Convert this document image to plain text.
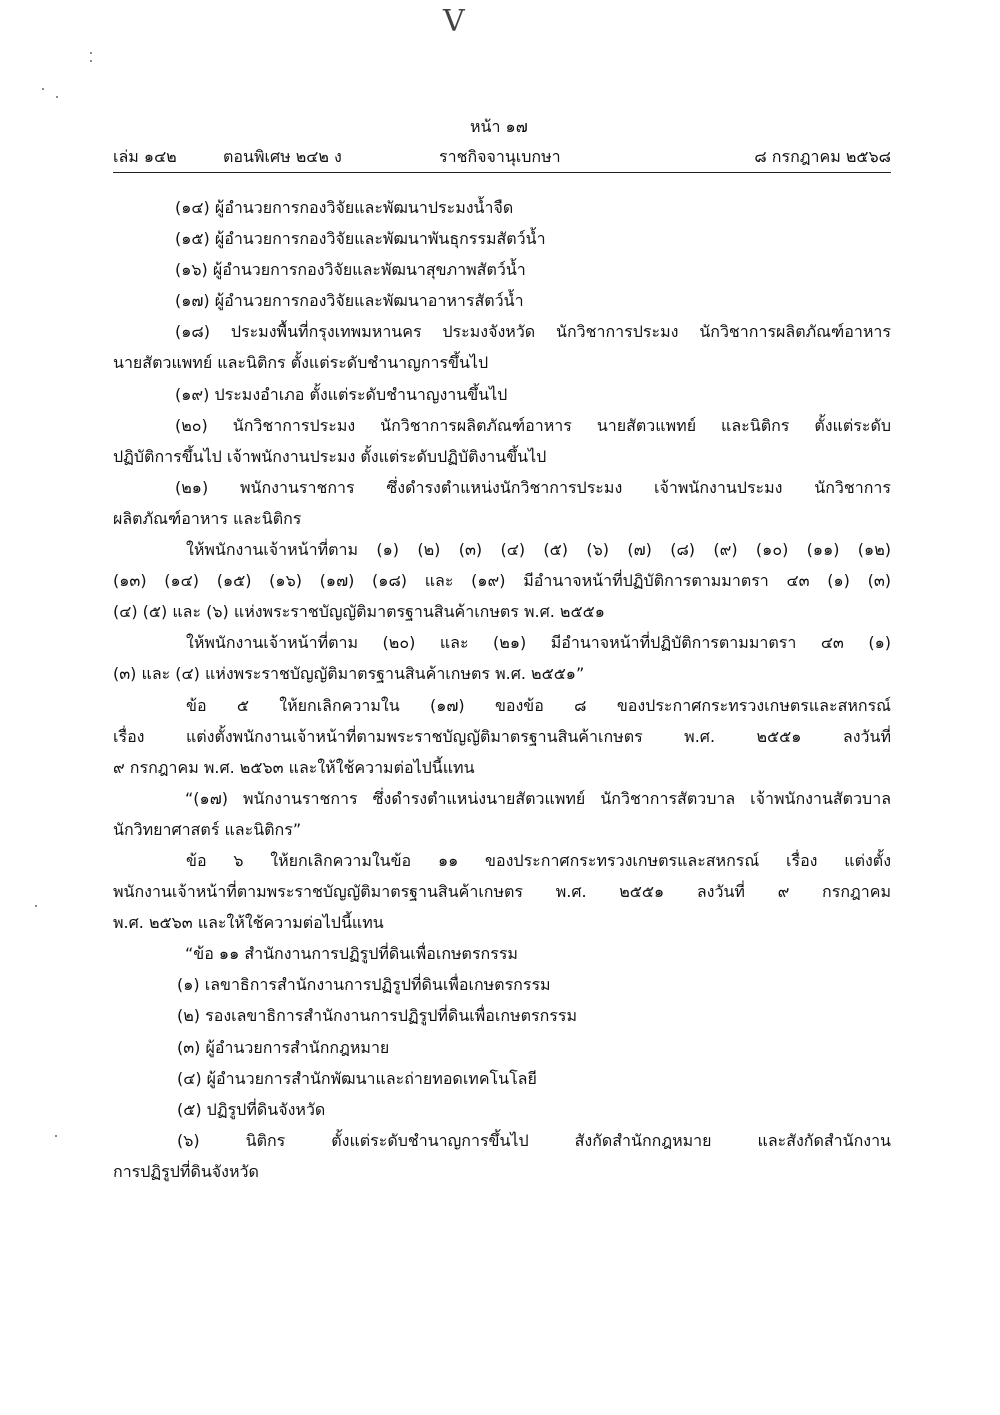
V
หน้า ๑๗
เล่ม ๑๔๒	ตอนพิเศษ ๒๔๒ ง	ราชกิจจานุเบกษา	๘ กรกฎาคม ๒๕๖๘
(๑๔) ผู้อำนวยการกองวิจัยและพัฒนาประมงน้ำจืด
(๑๕) ผู้อำนวยการกองวิจัยและพัฒนาพันธุกรรมสัตว์น้ำ
(๑๖) ผู้อำนวยการกองวิจัยและพัฒนาสุขภาพสัตว์น้ำ
(๑๗) ผู้อำนวยการกองวิจัยและพัฒนาอาหารสัตว์น้ำ
(๑๘) ประมงพื้นที่กรุงเทพมหานคร ประมงจังหวัด นักวิชาการประมง นักวิชาการผลิตภัณฑ์อาหาร
นายสัตวแพทย์ และนิติกร ตั้งแต่ระดับชำนาญการขึ้นไป
(๑๙) ประมงอำเภอ ตั้งแต่ระดับชำนาญงานขึ้นไป
(๒๐) นักวิชาการประมง นักวิชาการผลิตภัณฑ์อาหาร นายสัตวแพทย์ และนิติกร ตั้งแต่ระดับ
ปฏิบัติการขึ้นไป เจ้าพนักงานประมง ตั้งแต่ระดับปฏิบัติงานขึ้นไป
(๒๑) พนักงานราชการ ซึ่งดำรงตำแหน่งนักวิชาการประมง เจ้าพนักงานประมง นักวิชาการ
ผลิตภัณฑ์อาหาร และนิติกร
ให้พนักงานเจ้าหน้าที่ตาม (๑) (๒) (๓) (๔) (๕) (๖) (๗) (๘) (๙) (๑๐) (๑๑) (๑๒)
(๑๓) (๑๔) (๑๕) (๑๖) (๑๗) (๑๘) และ (๑๙) มีอำนาจหน้าที่ปฏิบัติการตามมาตรา ๔๓ (๑) (๓)
(๔) (๕) และ (๖) แห่งพระราชบัญญัติมาตรฐานสินค้าเกษตร พ.ศ. ๒๕๕๑
ให้พนักงานเจ้าหน้าที่ตาม (๒๐) และ (๒๑) มีอำนาจหน้าที่ปฏิบัติการตามมาตรา ๔๓ (๑)
(๓) และ (๔) แห่งพระราชบัญญัติมาตรฐานสินค้าเกษตร พ.ศ. ๒๕๕๑”
ข้อ ๕ ให้ยกเลิกความใน (๑๗) ของข้อ ๘ ของประกาศกระทรวงเกษตรและสหกรณ์
เรื่อง แต่งตั้งพนักงานเจ้าหน้าที่ตามพระราชบัญญัติมาตรฐานสินค้าเกษตร พ.ศ. ๒๕๕๑ ลงวันที่
๙ กรกฎาคม พ.ศ. ๒๕๖๓ และให้ใช้ความต่อไปนี้แทน
“(๑๗) พนักงานราชการ ซึ่งดำรงตำแหน่งนายสัตวแพทย์ นักวิชาการสัตวบาล เจ้าพนักงานสัตวบาล
นักวิทยาศาสตร์ และนิติกร”
ข้อ ๖ ให้ยกเลิกความในข้อ ๑๑ ของประกาศกระทรวงเกษตรและสหกรณ์ เรื่อง แต่งตั้ง
พนักงานเจ้าหน้าที่ตามพระราชบัญญัติมาตรฐานสินค้าเกษตร พ.ศ. ๒๕๕๑ ลงวันที่ ๙ กรกฎาคม
พ.ศ. ๒๕๖๓ และให้ใช้ความต่อไปนี้แทน
“ข้อ ๑๑ สำนักงานการปฏิรูปที่ดินเพื่อเกษตรกรรม
(๑) เลขาธิการสำนักงานการปฏิรูปที่ดินเพื่อเกษตรกรรม
(๒) รองเลขาธิการสำนักงานการปฏิรูปที่ดินเพื่อเกษตรกรรม
(๓) ผู้อำนวยการสำนักกฎหมาย
(๔) ผู้อำนวยการสำนักพัฒนาและถ่ายทอดเทคโนโลยี
(๕) ปฏิรูปที่ดินจังหวัด
(๖) นิติกร ตั้งแต่ระดับชำนาญการขึ้นไป สังกัดสำนักกฎหมาย และสังกัดสำนักงาน
การปฏิรูปที่ดินจังหวัด
